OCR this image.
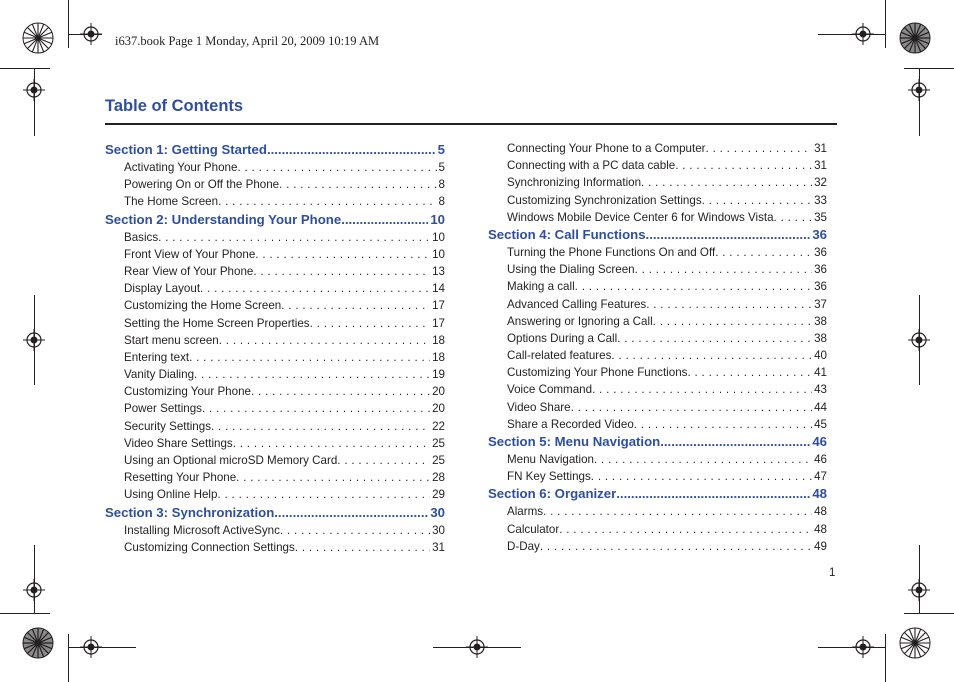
i637.book Page 1 Monday, April 20, 2009 10:19 AM
Table of Contents
Section 1: Getting Started .....	5
Activating Your Phone . . .	5
Powering On or Off the Phone . . .	8
The Home Screen . . .	8
Section 2: Understanding Your Phone .....	10
Basics . . .	10
Front View of Your Phone . . .	10
Rear View of Your Phone . . .	13
Display Layout . . .	14
Customizing the Home Screen . . .	17
Setting the Home Screen Properties . . .	17
Start menu screen . . .	18
Entering text . . .	18
Vanity Dialing . . .	19
Customizing Your Phone . . .	20
Power Settings . . .	20
Security Settings . . .	22
Video Share Settings . . .	25
Using an Optional microSD Memory Card . . .	25
Resetting Your Phone . . .	28
Using Online Help . . .	29
Section 3: Synchronization .....	30
Installing Microsoft ActiveSync . . .	30
Customizing Connection Settings . . .	31
Connecting Your Phone to a Computer . . .	31
Connecting with a PC data cable . . .	31
Synchronizing Information . . .	32
Customizing Synchronization Settings . . .	33
Windows Mobile Device Center 6 for Windows Vista . . .	35
Section 4: Call Functions .....	36
Turning the Phone Functions On and Off . . .	36
Using the Dialing Screen . . .	36
Making a call . . .	36
Advanced Calling Features . . .	37
Answering or Ignoring a Call . . .	38
Options During a Call . . .	38
Call-related features . . .	40
Customizing Your Phone Functions . . .	41
Voice Command . . .	43
Video Share . . .	44
Share a Recorded Video . . .	45
Section 5: Menu Navigation .....	46
Menu Navigation . . .	46
FN Key Settings . . .	47
Section 6: Organizer .....	48
Alarms . . .	48
Calculator . . .	48
D-Day . . .	49
1
